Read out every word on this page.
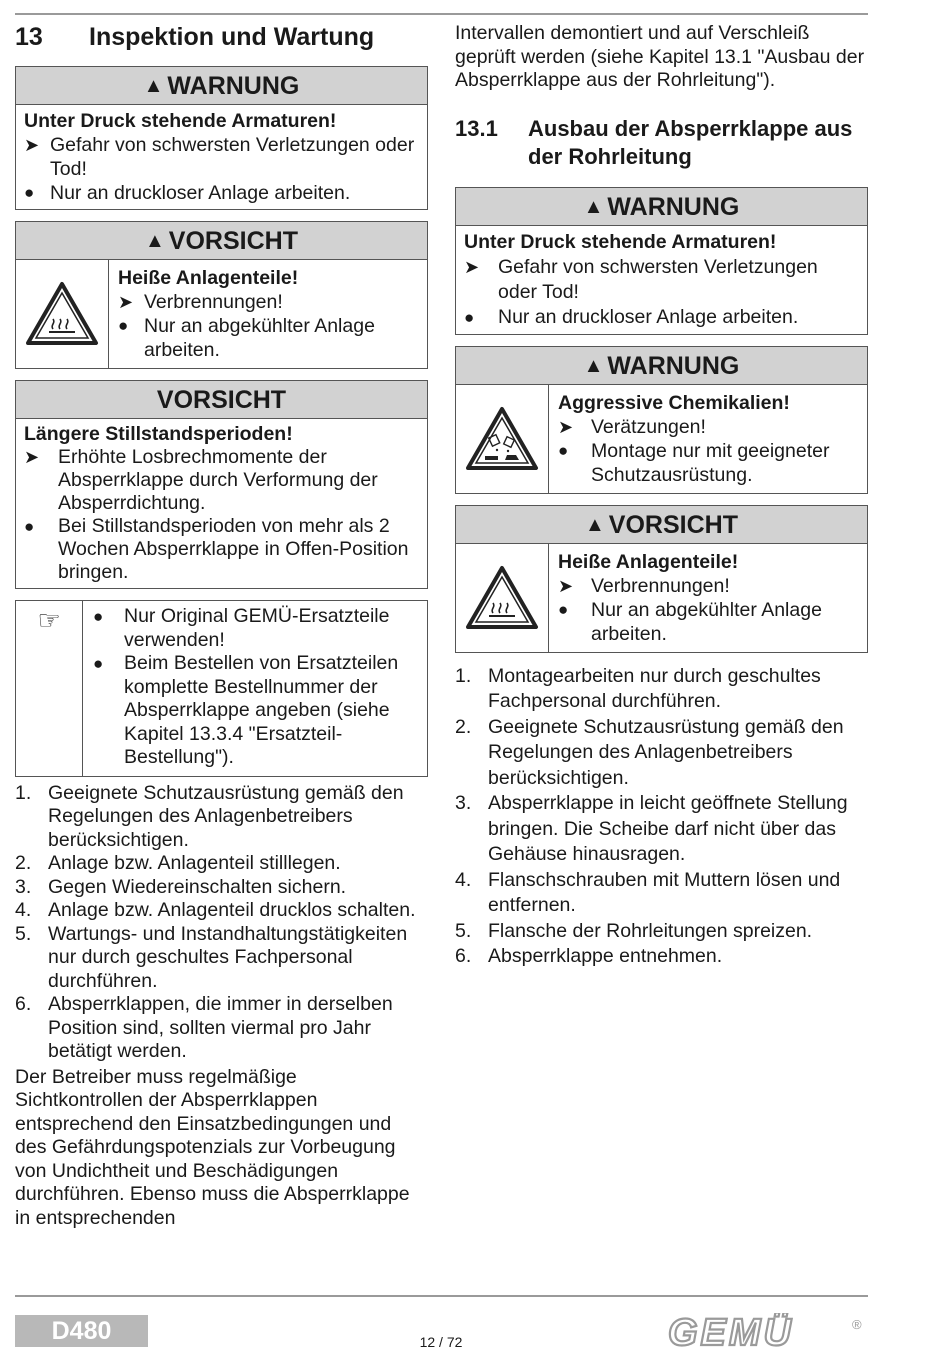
13	Inspektion und Wartung
▲ WARNUNG
Unter Druck stehende Armaturen!
➤ Gefahr von schwersten Verletzungen oder Tod!
● Nur an druckloser Anlage arbeiten.
▲ VORSICHT
Heiße Anlagenteile!
➤ Verbrennungen!
● Nur an abgekühlter Anlage arbeiten.
VORSICHT
Längere Stillstandsperioden!
➤ Erhöhte Losbrechmomente der Absperrklappe durch Verformung der Absperrdichtung.
●	Bei Stillstandsperioden von mehr als 2 Wochen Absperrklappe in Offen-Position bringen.
☞	●	Nur Original GEMÜ-Ersatzteile verwenden!
●	Beim Bestellen von Ersatzteilen komplette Bestellnummer der Absperrklappe angeben (siehe Kapitel 13.3.4 "Ersatzteil-Bestellung").
1. Geeignete Schutzausrüstung gemäß den Regelungen des Anlagenbetreibers berücksichtigen.
2. Anlage bzw. Anlagenteil stilllegen.
3. Gegen Wiedereinschalten sichern.
4. Anlage bzw. Anlagenteil drucklos schalten.
5. Wartungs- und Instandhaltungstätigkeiten nur durch geschultes Fachpersonal durchführen.
6. Absperrklappen, die immer in derselben Position sind, sollten viermal pro Jahr betätigt werden.
Der Betreiber muss regelmäßige Sichtkontrollen der Absperrklappen entsprechend den Einsatzbedingungen und des Gefährdungspotenzials zur Vorbeugung von Undichtheit und Beschädigungen durchführen. Ebenso muss die Absperrklappe in entsprechenden
Intervallen demontiert und auf Verschleiß geprüft werden (siehe Kapitel 13.1 "Ausbau der Absperrklappe aus der Rohrleitung").
13.1	Ausbau der Absperrklappe aus der Rohrleitung
▲ WARNUNG
Unter Druck stehende Armaturen!
➤ Gefahr von schwersten Verletzungen oder Tod!
●	Nur an druckloser Anlage arbeiten.
▲ WARNUNG
Aggressive Chemikalien!
➤ Verätzungen!
●	Montage nur mit geeigneter Schutzausrüstung.
▲ VORSICHT
Heiße Anlagenteile!
➤ Verbrennungen!
●	Nur an abgekühlter Anlage arbeiten.
1. Montagearbeiten nur durch geschultes Fachpersonal durchführen.
2. Geeignete Schutzausrüstung gemäß den Regelungen des Anlagenbetreibers berücksichtigen.
3. Absperrklappe in leicht geöffnete Stellung bringen. Die Scheibe darf nicht über das Gehäuse hinausragen.
4. Flanschschrauben mit Muttern lösen und entfernen.
5. Flansche der Rohrleitungen spreizen.
6. Absperrklappe entnehmen.
D480	12 / 72	GEMÜ	®
